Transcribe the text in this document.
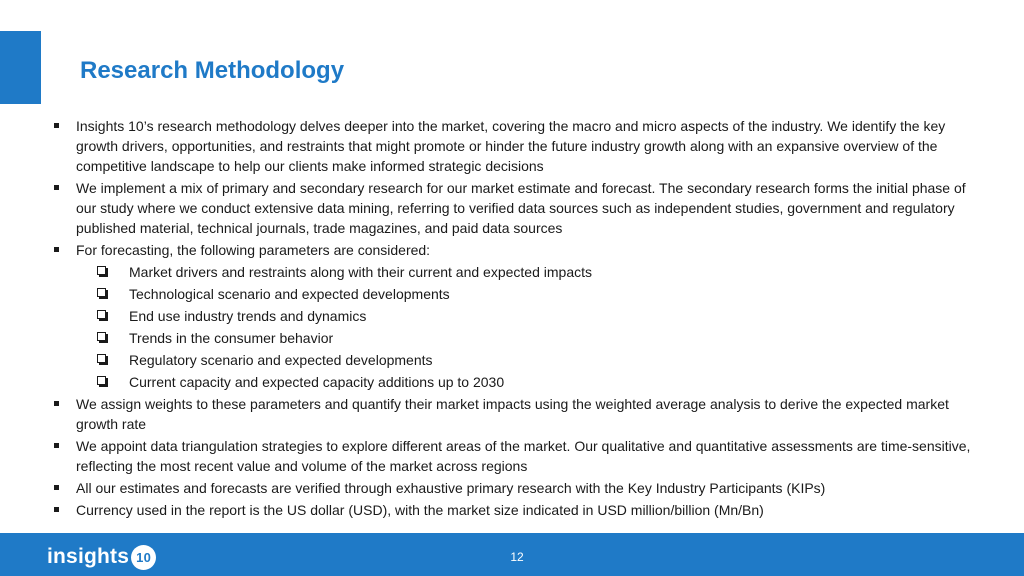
Research Methodology
Insights 10’s research methodology delves deeper into the market, covering the macro and micro aspects of the industry. We identify the key growth drivers, opportunities, and restraints that might promote or hinder the future industry growth along with an expansive overview of the competitive landscape to help our clients make informed strategic decisions
We implement a mix of primary and secondary research for our market estimate and forecast. The secondary research forms the initial phase of our study where we conduct extensive data mining, referring to verified data sources such as independent studies, government and regulatory published material, technical journals, trade magazines, and paid data sources
For forecasting, the following parameters are considered:
Market drivers and restraints along with their current and expected impacts
Technological scenario and expected developments
End use industry trends and dynamics
Trends in the consumer behavior
Regulatory scenario and expected developments
Current capacity and expected capacity additions up to 2030
We assign weights to these parameters and quantify their market impacts using the weighted average analysis to derive the expected market growth rate
We appoint data triangulation strategies to explore different areas of the market. Our qualitative and quantitative assessments are time-sensitive, reflecting the most recent value and volume of the market across regions
All our estimates and forecasts are verified through exhaustive primary research with the Key Industry Participants (KIPs)
Currency used in the report is the US dollar (USD), with the market size indicated in USD million/billion (Mn/Bn)
insights 10	12
